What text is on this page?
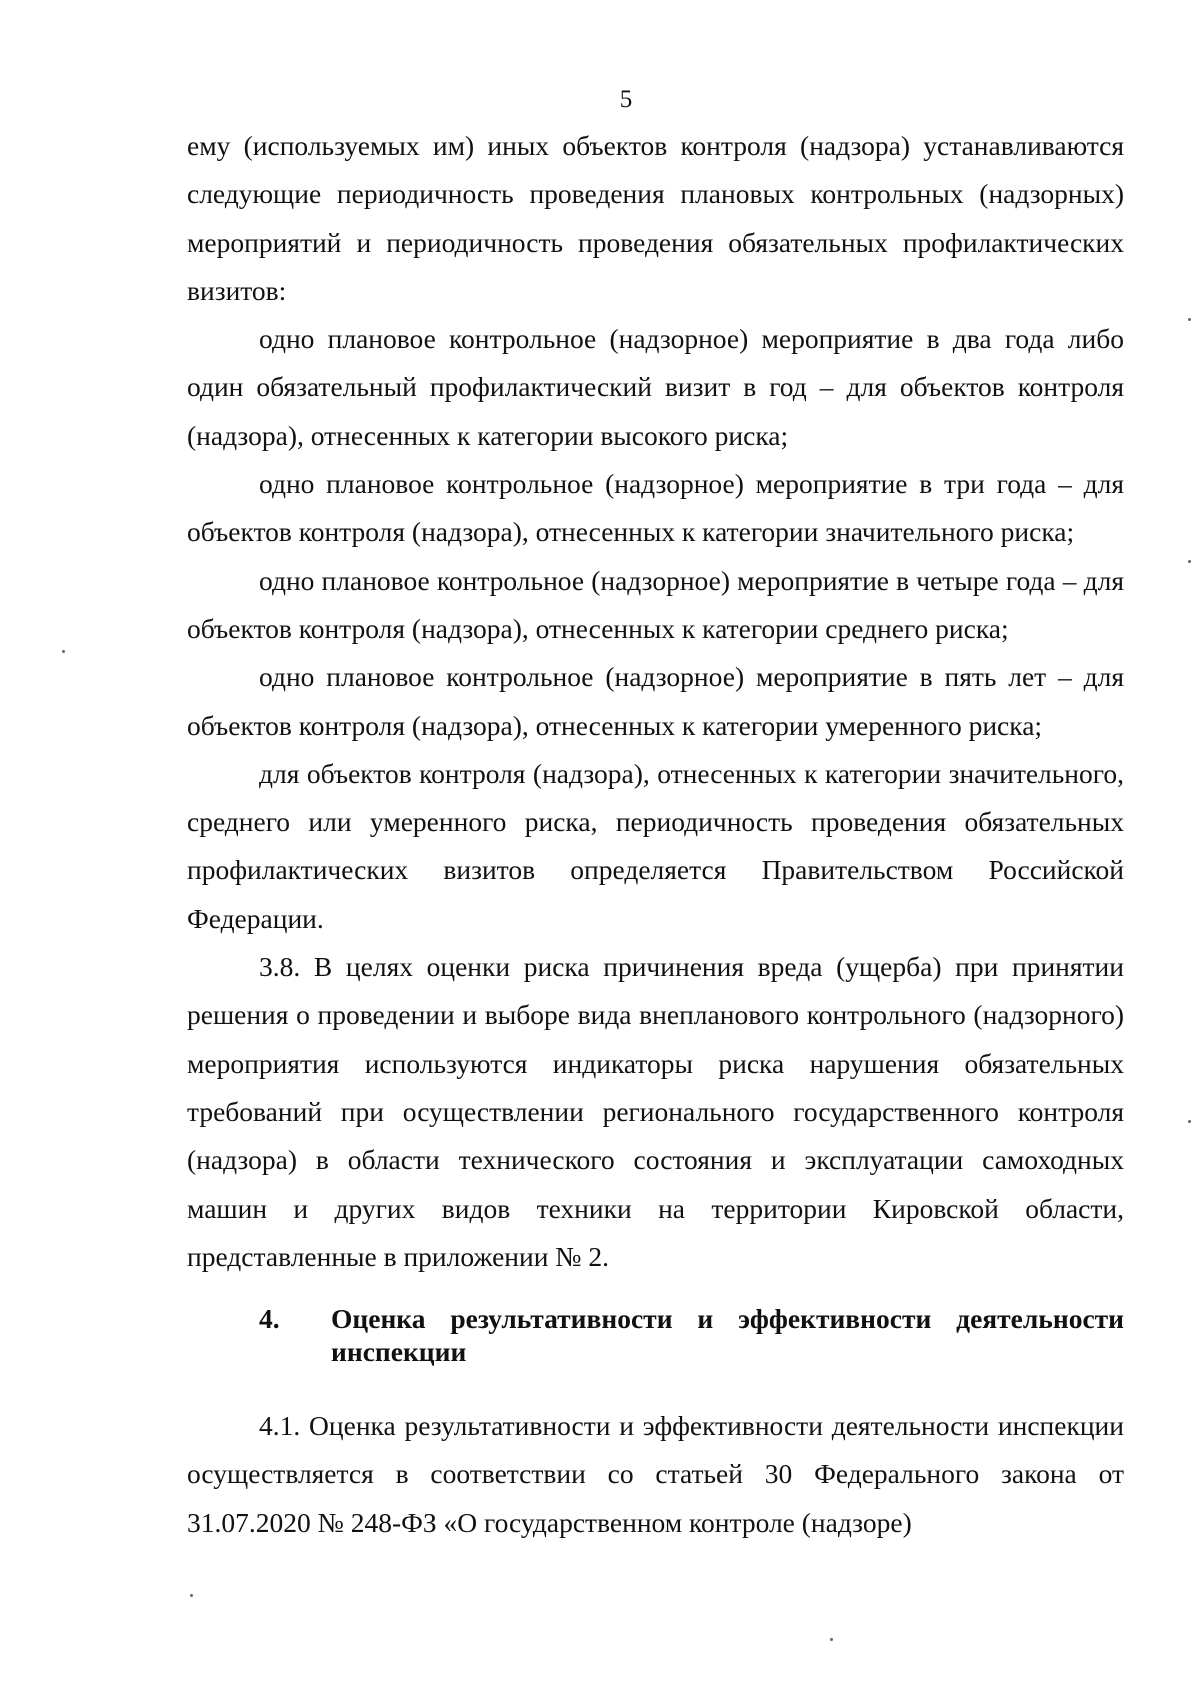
5

ему (используемых им) иных объектов контроля (надзора) устанавливаются следующие периодичность проведения плановых контрольных (надзорных) мероприятий и периодичность проведения обязательных профилактических визитов:

одно плановое контрольное (надзорное) мероприятие в два года либо один обязательный профилактический визит в год – для объектов контроля (надзора), отнесенных к категории высокого риска;

одно плановое контрольное (надзорное) мероприятие в три года – для объектов контроля (надзора), отнесенных к категории значительного риска;

одно плановое контрольное (надзорное) мероприятие в четыре года – для объектов контроля (надзора), отнесенных к категории среднего риска;

одно плановое контрольное (надзорное) мероприятие в пять лет – для объектов контроля (надзора), отнесенных к категории умеренного риска;

для объектов контроля (надзора), отнесенных к категории значительного, среднего или умеренного риска, периодичность проведения обязательных профилактических визитов определяется Правительством Российской Федерации.

3.8. В целях оценки риска причинения вреда (ущерба) при принятии решения о проведении и выборе вида внепланового контрольного (надзорного) мероприятия используются индикаторы риска нарушения обязательных требований при осуществлении регионального государственного контроля (надзора) в области технического состояния и эксплуатации самоходных машин и других видов техники на территории Кировской области, представленные в приложении № 2.

4.	Оценка результативности и эффективности деятельности инспекции

4.1. Оценка результативности и эффективности деятельности инспекции осуществляется в соответствии со статьей 30 Федерального закона от 31.07.2020 № 248-ФЗ «О государственном контроле (надзоре)
